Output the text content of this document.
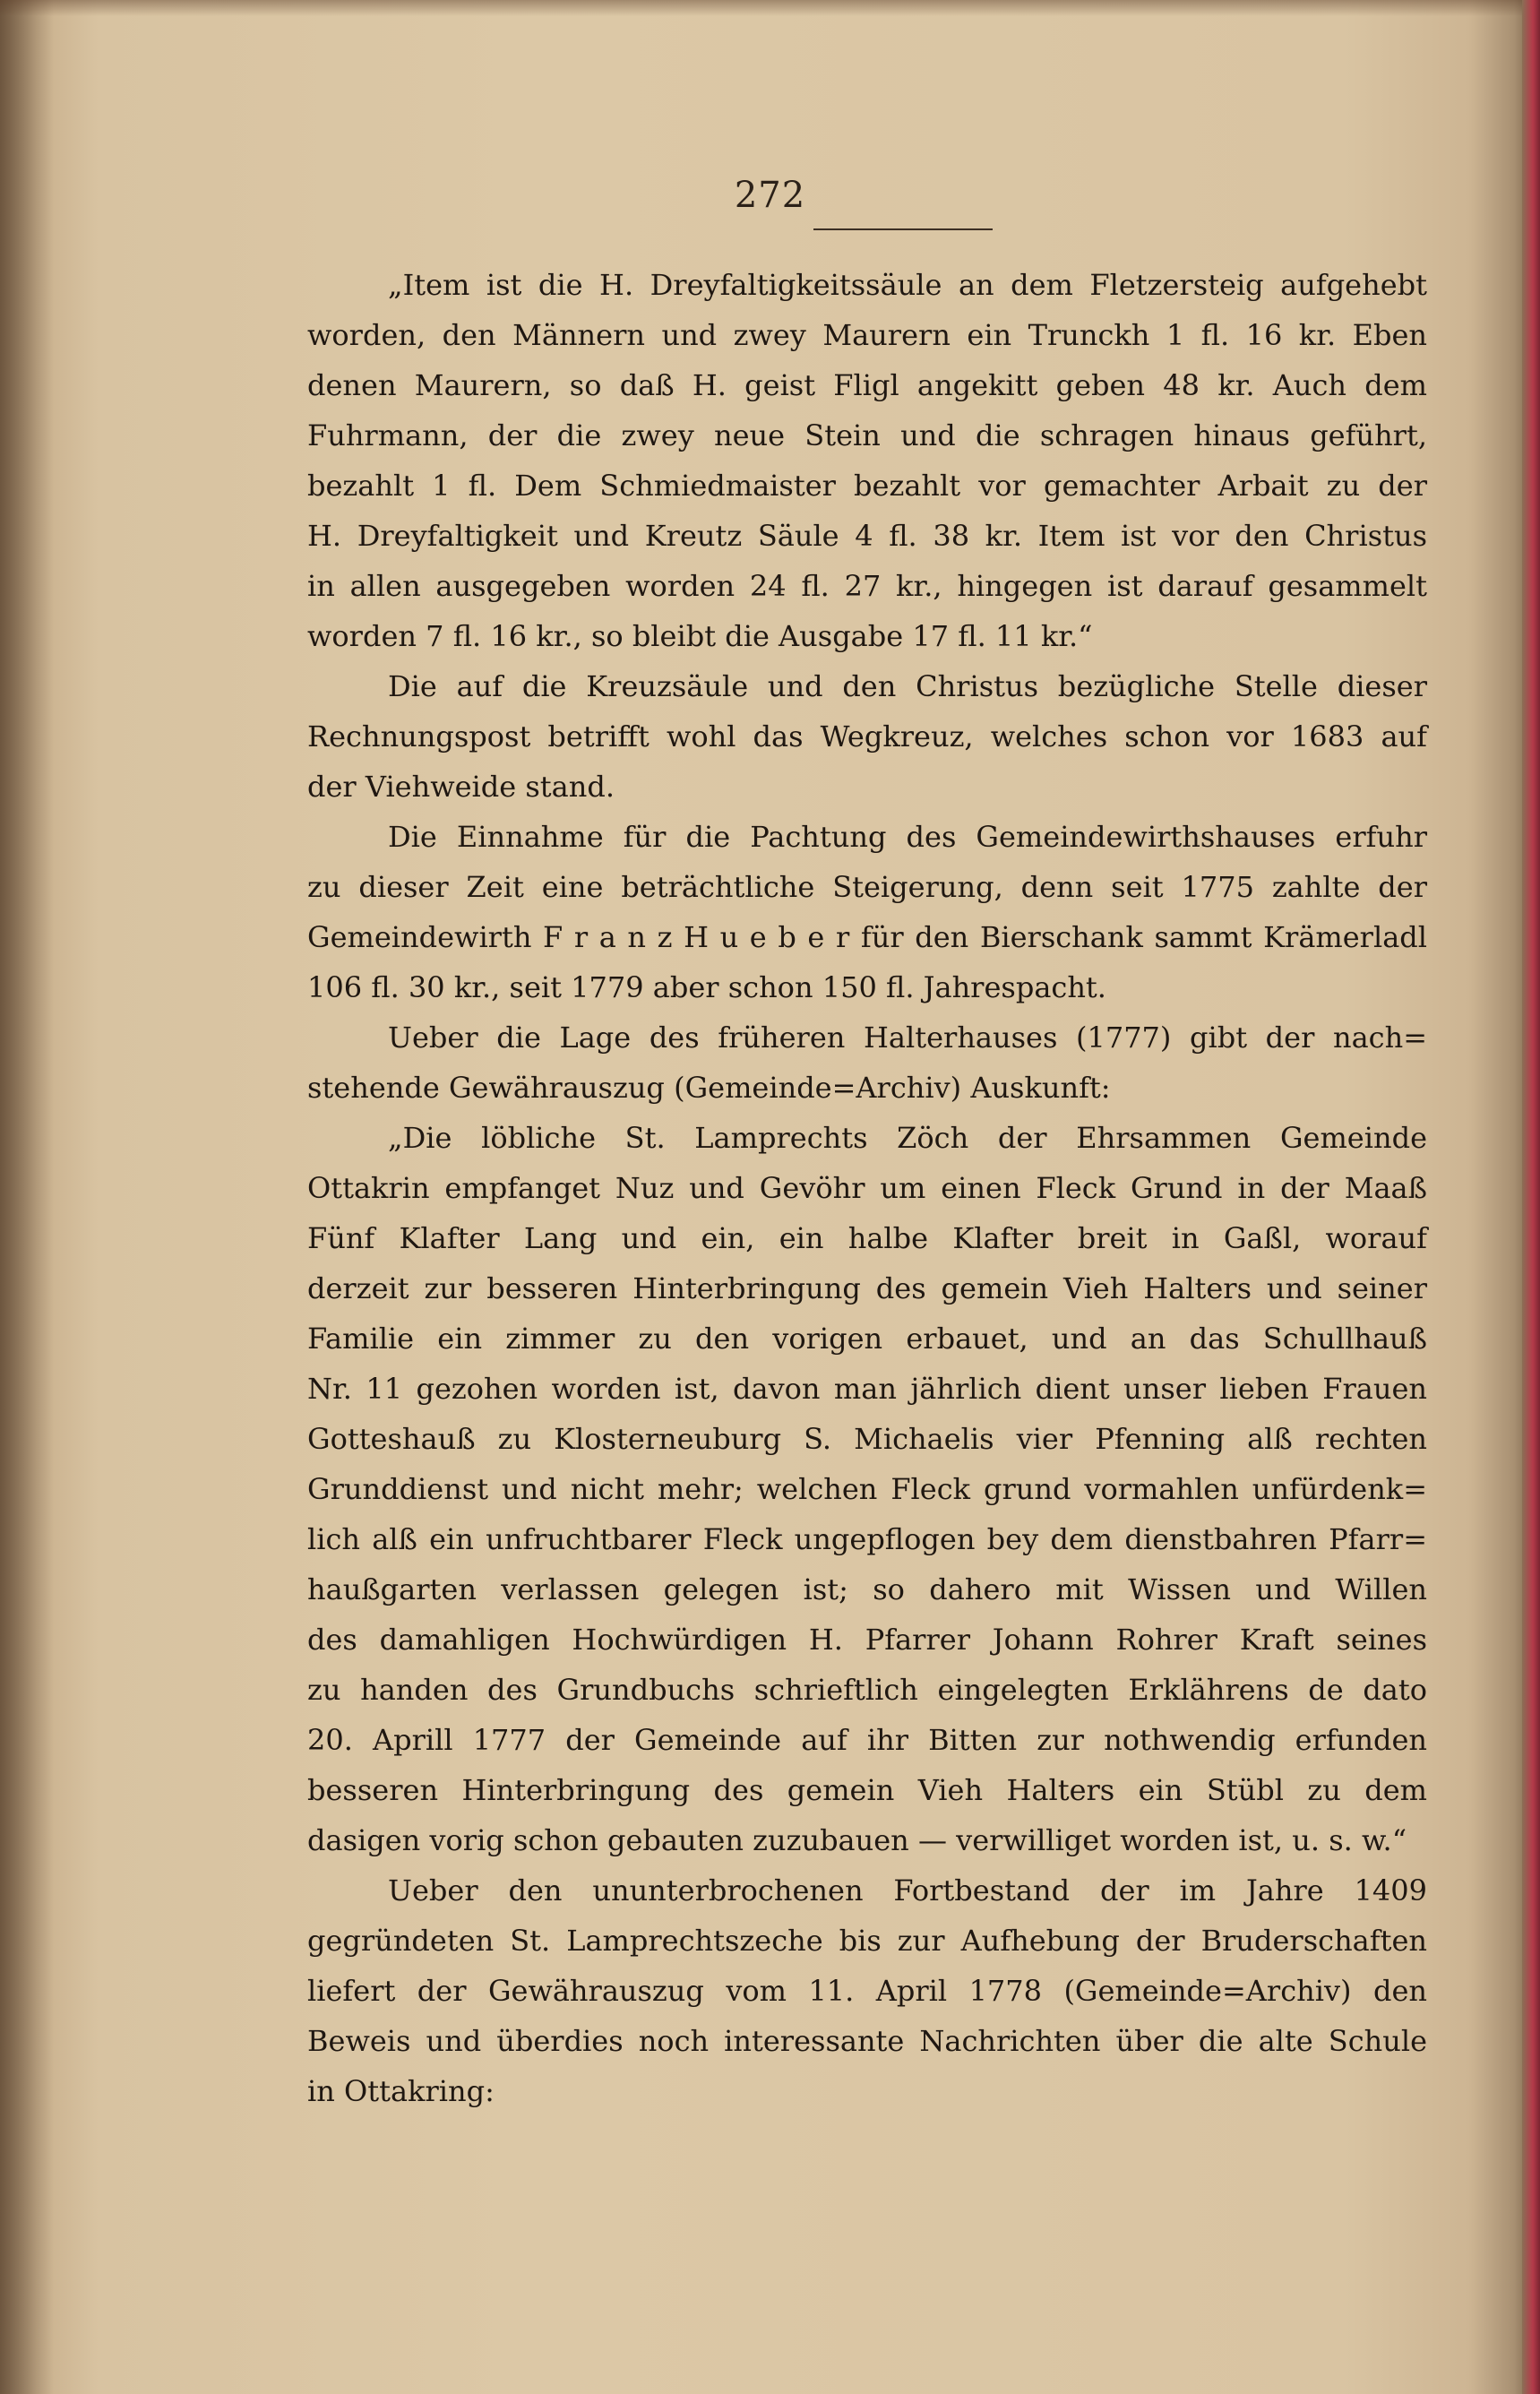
272
„Item ist die H. Dreyfaltigkeitssäule an dem Fletzersteig aufgehebt
worden, den Männern und zwey Maurern ein Trunckh 1 fl. 16 kr. Eben
denen Maurern, so daß H. geist Fligl angekitt geben 48 kr. Auch dem
Fuhrmann, der die zwey neue Stein und die schragen hinaus geführt,
bezahlt 1 fl. Dem Schmiedmaister bezahlt vor gemachter Arbait zu der
H. Dreyfaltigkeit und Kreutz Säule 4 fl. 38 kr. Item ist vor den Christus
in allen ausgegeben worden 24 fl. 27 kr., hingegen ist darauf gesammelt
worden 7 fl. 16 kr., so bleibt die Ausgabe 17 fl. 11 kr.“
Die auf die Kreuzsäule und den Christus bezügliche Stelle dieser
Rechnungspost betrifft wohl das Wegkreuz, welches schon vor 1683 auf
der Viehweide stand.
Die Einnahme für die Pachtung des Gemeindewirthshauses erfuhr
zu dieser Zeit eine beträchtliche Steigerung, denn seit 1775 zahlte der
Gemeindewirth F r a n z H u e b e r für den Bierschank sammt Krämerladl
106 fl. 30 kr., seit 1779 aber schon 150 fl. Jahrespacht.
Ueber die Lage des früheren Halterhauses (1777) gibt der nach=
stehende Gewährauszug (Gemeinde=Archiv) Auskunft:
„Die löbliche St. Lamprechts Zöch der Ehrsammen Gemeinde
Ottakrin empfanget Nuz und Gevöhr um einen Fleck Grund in der Maaß
Fünf Klafter Lang und ein, ein halbe Klafter breit in Gaßl, worauf
derzeit zur besseren Hinterbringung des gemein Vieh Halters und seiner
Familie ein zimmer zu den vorigen erbauet, und an das Schullhauß
Nr. 11 gezohen worden ist, davon man jährlich dient unser lieben Frauen
Gotteshauß zu Klosterneuburg S. Michaelis vier Pfenning alß rechten
Grunddienst und nicht mehr; welchen Fleck grund vormahlen unfürdenk=
lich alß ein unfruchtbarer Fleck ungepflogen bey dem dienstbahren Pfarr=
haußgarten verlassen gelegen ist; so dahero mit Wissen und Willen
des damahligen Hochwürdigen H. Pfarrer Johann Rohrer Kraft seines
zu handen des Grundbuchs schrieftlich eingelegten Erklährens de dato
20. Aprill 1777 der Gemeinde auf ihr Bitten zur nothwendig erfunden
besseren Hinterbringung des gemein Vieh Halters ein Stübl zu dem
dasigen vorig schon gebauten zuzubauen — verwilliget worden ist, u. s. w.“
Ueber den ununterbrochenen Fortbestand der im Jahre 1409
gegründeten St. Lamprechtszeche bis zur Aufhebung der Bruderschaften
liefert der Gewährauszug vom 11. April 1778 (Gemeinde=Archiv) den
Beweis und überdies noch interessante Nachrichten über die alte Schule
in Ottakring:
